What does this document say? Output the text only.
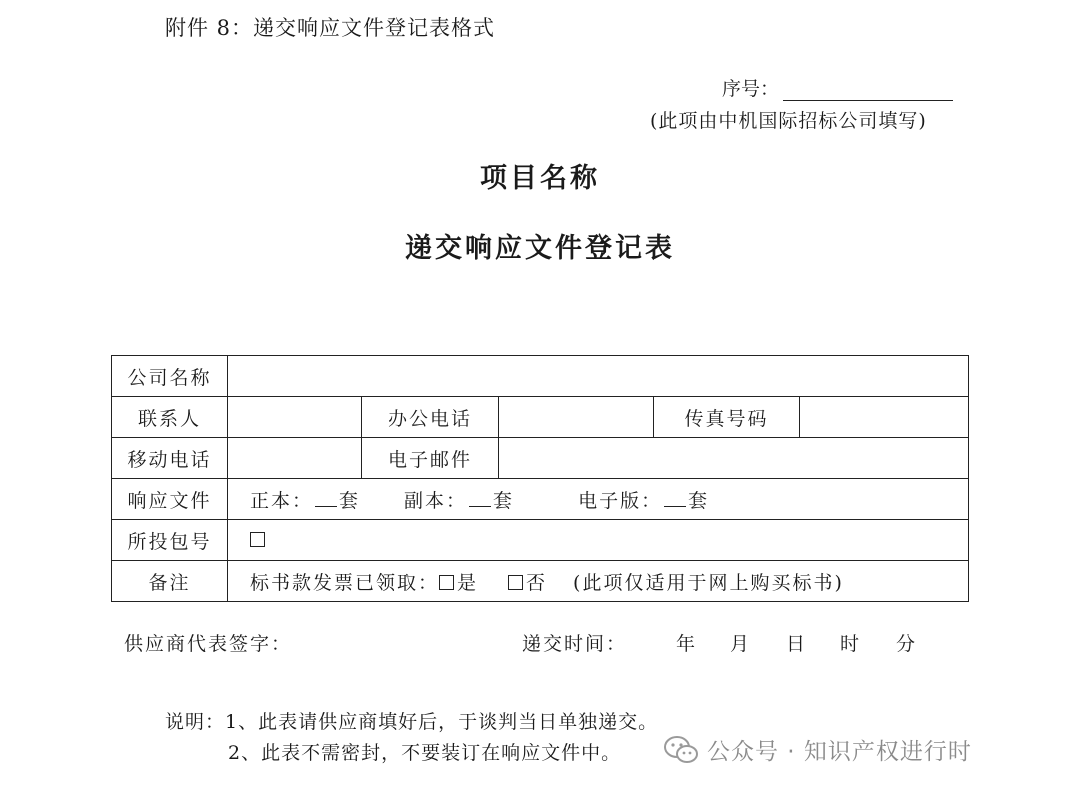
附件 8：递交响应文件登记表格式
序号：
(此项由中机国际招标公司填写)
项目名称
递交响应文件登记表
公司名称					
联系人		办公电话		传真号码	
移动电话		电子邮件			
响应文件	正本： 套 副本： 套 电子版： 套				
所投包号					
备注	标书款发票已领取： 是 否 (此项仅适用于网上购买标书)				
供应商代表签字：	递交时间：	年 月 日 时 分
说明：1、此表请供应商填好后，于谈判当日单独递交。
2、此表不需密封，不要装订在响应文件中。	公众号 · 知识产权进行时
